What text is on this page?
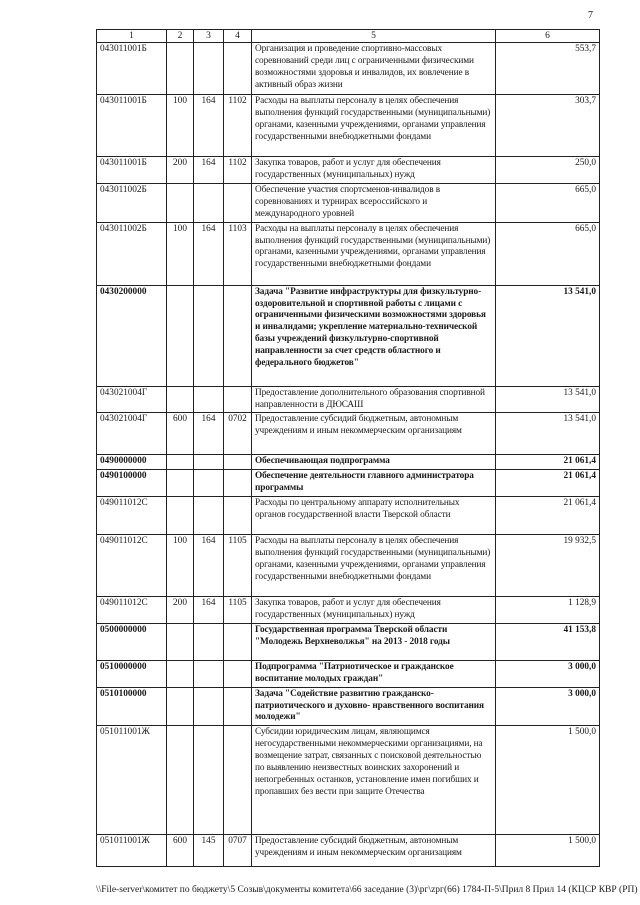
7
1	2	3	4	5	6
043011001Б				Организация и проведение спортивно-массовых соревнований среди лиц с ограниченными физическими возможностями здоровья и инвалидов, их вовлечение в активный образ жизни	553,7
043011001Б	100	164	1102	Расходы на выплаты персоналу в целях обеспечения выполнения функций государственными (муниципальными) органами, казенными учреждениями, органами управления государственными внебюджетными фондами	303,7
043011001Б	200	164	1102	Закупка товаров, работ и услуг для обеспечения государственных (муниципальных) нужд	250,0
043011002Б				Обеспечение участия спортсменов-инвалидов в соревнованиях и турнирах всероссийского и международного уровней	665,0
043011002Б	100	164	1103	Расходы на выплаты персоналу в целях обеспечения выполнения функций государственными (муниципальными) органами, казенными учреждениями, органами управления государственными внебюджетными фондами	665,0
0430200000				Задача "Развитие инфраструктуры для физкультурно-оздоровительной и спортивной работы с лицами с ограниченными физическими возможностями здоровья и инвалидами; укрепление материально-технической базы учреждений физкультурно-спортивной направленности за счет средств областного и федерального бюджетов"	13 541,0
043021004Г				Предоставление дополнительного образования спортивной направленности в ДЮСАШ	13 541,0
043021004Г	600	164	0702	Предоставление субсидий бюджетным, автономным учреждениям и иным некоммерческим организациям	13 541,0
0490000000				Обеспечивающая подпрограмма	21 061,4
0490100000				Обеспечение деятельности главного администратора программы	21 061,4
049011012С				Расходы по центральному аппарату исполнительных органов государственной власти Тверской области	21 061,4
049011012С	100	164	1105	Расходы на выплаты персоналу в целях обеспечения выполнения функций государственными (муниципальными) органами, казенными учреждениями, органами управления государственными внебюджетными фондами	19 932,5
049011012С	200	164	1105	Закупка товаров, работ и услуг для обеспечения государственных (муниципальных) нужд	1 128,9
0500000000				Государственная программа Тверской области "Молодежь Верхневолжья" на 2013 - 2018 годы	41 153,8
0510000000				Подпрограмма "Патриотическое и гражданское воспитание молодых граждан"	3 000,0
0510100000				Задача "Содействие развитию гражданско-патриотического и духовно- нравственного воспитания молодежи"	3 000,0
051011001Ж				Субсидии юридическим лицам, являющимся негосударственными некоммерческими организациями, на возмещение затрат, связанных с поисковой деятельностью по выявлению неизвестных воинских захоронений и непогребенных останков, установление имен погибших и пропавших без вести при защите Отечества	1 500,0
051011001Ж	600	145	0707	Предоставление субсидий бюджетным, автономным учреждениям и иным некоммерческим организациям	1 500,0
\\File-server\комитет по бюджету\5 Созыв\документы комитета\66 заседание (3)\рг\zрг(66) 1784-П-5\Прил 8 Прил 14 (КЦСР КВР (РП)
